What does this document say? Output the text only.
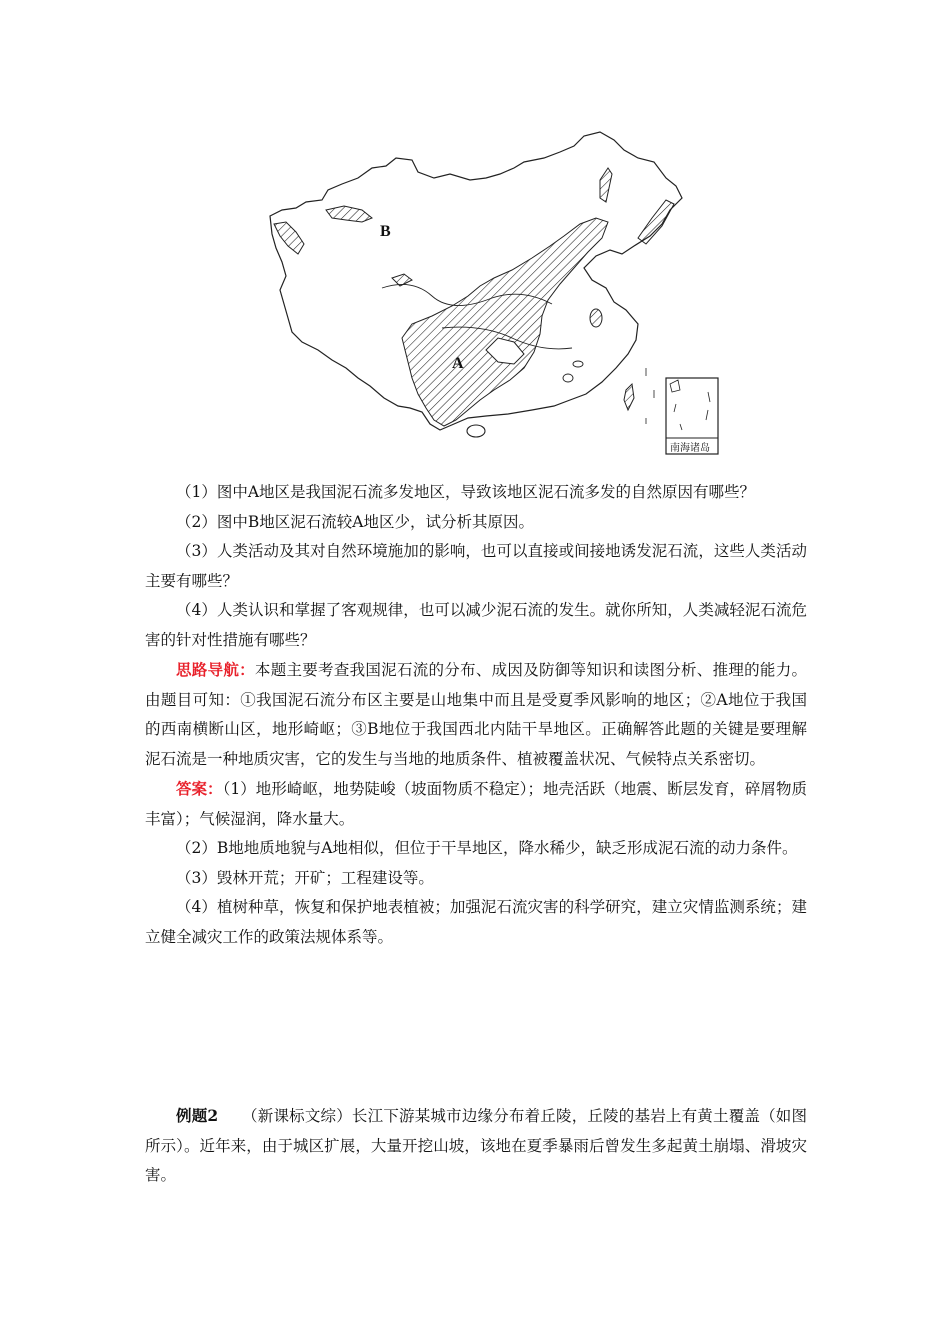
B
A
南海诸岛

（1）图中A地区是我国泥石流多发地区，导致该地区泥石流多发的自然原因有哪些？

（2）图中B地区泥石流较A地区少，试分析其原因。

（3）人类活动及其对自然环境施加的影响，也可以直接或间接地诱发泥石流，这些人类活动主要有哪些？

（4）人类认识和掌握了客观规律，也可以减少泥石流的发生。就你所知，人类减轻泥石流危害的针对性措施有哪些？

思路导航：本题主要考查我国泥石流的分布、成因及防御等知识和读图分析、推理的能力。由题目可知：①我国泥石流分布区主要是山地集中而且是受夏季风影响的地区；②A地位于我国的西南横断山区，地形崎岖；③B地位于我国西北内陆干旱地区。正确解答此题的关键是要理解泥石流是一种地质灾害，它的发生与当地的地质条件、植被覆盖状况、气候特点关系密切。

答案：（1）地形崎岖，地势陡峻（坡面物质不稳定）；地壳活跃（地震、断层发育，碎屑物质丰富）；气候湿润，降水量大。

（2）B地地质地貌与A地相似，但位于干旱地区，降水稀少，缺乏形成泥石流的动力条件。

（3）毁林开荒；开矿；工程建设等。

（4）植树种草，恢复和保护地表植被；加强泥石流灾害的科学研究，建立灾情监测系统；建立健全减灾工作的政策法规体系等。

例题2　　 （新课标文综）长江下游某城市边缘分布着丘陵，丘陵的基岩上有黄土覆盖（如图所示）。近年来，由于城区扩展，大量开挖山坡，该地在夏季暴雨后曾发生多起黄土崩塌、滑坡灾害。
